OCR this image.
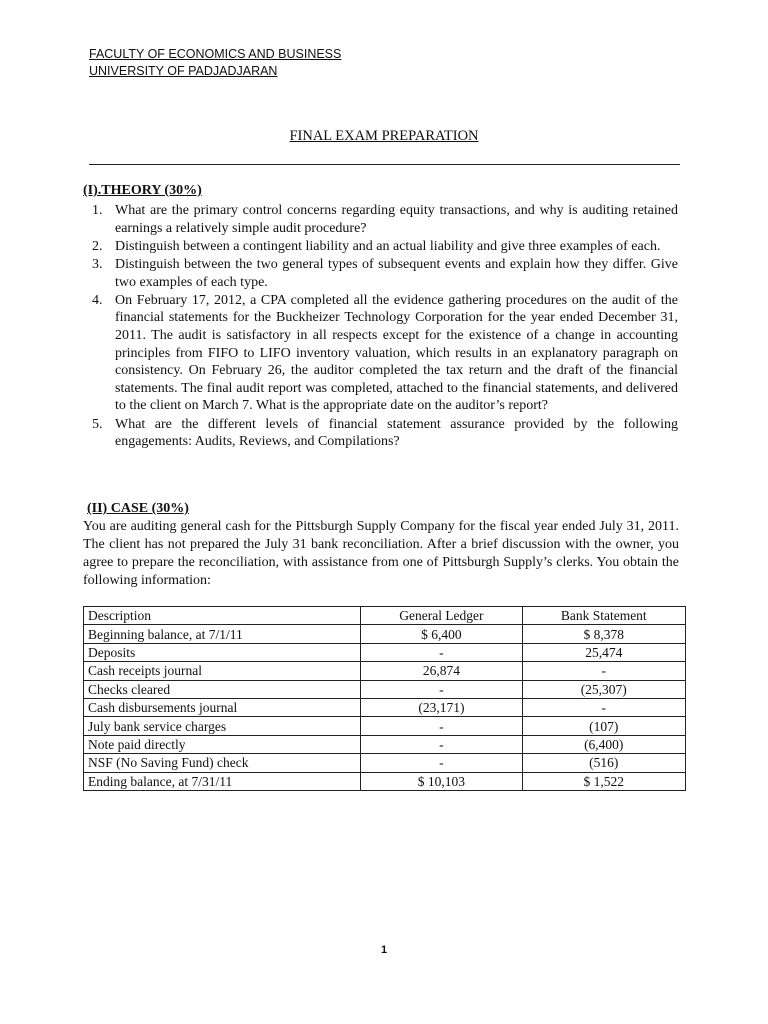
FACULTY OF ECONOMICS AND BUSINESS
UNIVERSITY OF PADJADJARAN
FINAL EXAM PREPARATION
(I).THEORY (30%)
1. What are the primary control concerns regarding equity transactions, and why is auditing retained earnings a relatively simple audit procedure?
2. Distinguish between a contingent liability and an actual liability and give three examples of each.
3. Distinguish between the two general types of subsequent events and explain how they differ. Give two examples of each type.
4. On February 17, 2012, a CPA completed all the evidence gathering procedures on the audit of the financial statements for the Buckheizer Technology Corporation for the year ended December 31, 2011. The audit is satisfactory in all respects except for the existence of a change in accounting principles from FIFO to LIFO inventory valuation, which results in an explanatory paragraph on consistency. On February 26, the auditor completed the tax return and the draft of the financial statements. The final audit report was completed, attached to the financial statements, and delivered to the client on March 7. What is the appropriate date on the auditor’s report?
5. What are the different levels of financial statement assurance provided by the following engagements: Audits, Reviews, and Compilations?
(II) CASE (30%)

You are auditing general cash for the Pittsburgh Supply Company for the fiscal year ended July 31, 2011. The client has not prepared the July 31 bank reconciliation. After a brief discussion with the owner, you agree to prepare the reconciliation, with assistance from one of Pittsburgh Supply’s clerks. You obtain the following information:

Description	General Ledger	Bank Statement
Beginning balance, at 7/1/11	$ 6,400	$ 8,378
Deposits	-	25,474
Cash receipts journal	26,874	-
Checks cleared	-	(25,307)
Cash disbursements journal	(23,171)	-
July bank service charges	-	(107)
Note paid directly	-	(6,400)
NSF (No Saving Fund) check	-	(516)
Ending balance, at 7/31/11	$ 10,103	$ 1,522
1
